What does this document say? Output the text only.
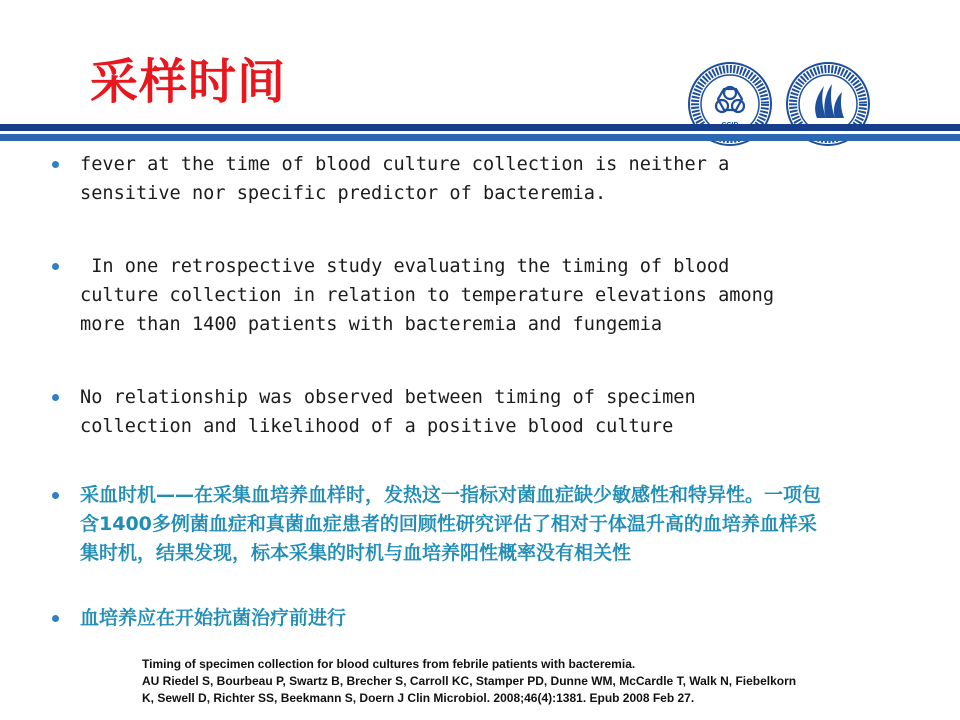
采样时间
fever at the time of blood culture collection is neither a
sensitive nor specific predictor of bacteremia.
In one retrospective study evaluating the timing of blood
culture collection in relation to temperature elevations among
more than 1400 patients with bacteremia and fungemia
No relationship was observed between timing of specimen
collection and likelihood of a positive blood culture
采血时机——在采集血培养血样时，发热这一指标对菌血症缺少敏感性和特异性。一项包含1400多例菌血症和真菌血症患者的回顾性研究评估了相对于体温升高的血培养血样采集时机，结果发现，标本采集的时机与血培养阳性概率没有相关性
血培养应在开始抗菌治疗前进行
Timing of specimen collection for blood cultures from febrile patients with bacteremia.
AU Riedel S, Bourbeau P, Swartz B, Brecher S, Carroll KC, Stamper PD, Dunne WM, McCardle T, Walk N, Fiebelkorn
K, Sewell D, Richter SS, Beekmann S, Doern J Clin Microbiol. 2008;46(4):1381. Epub 2008 Feb 27.
